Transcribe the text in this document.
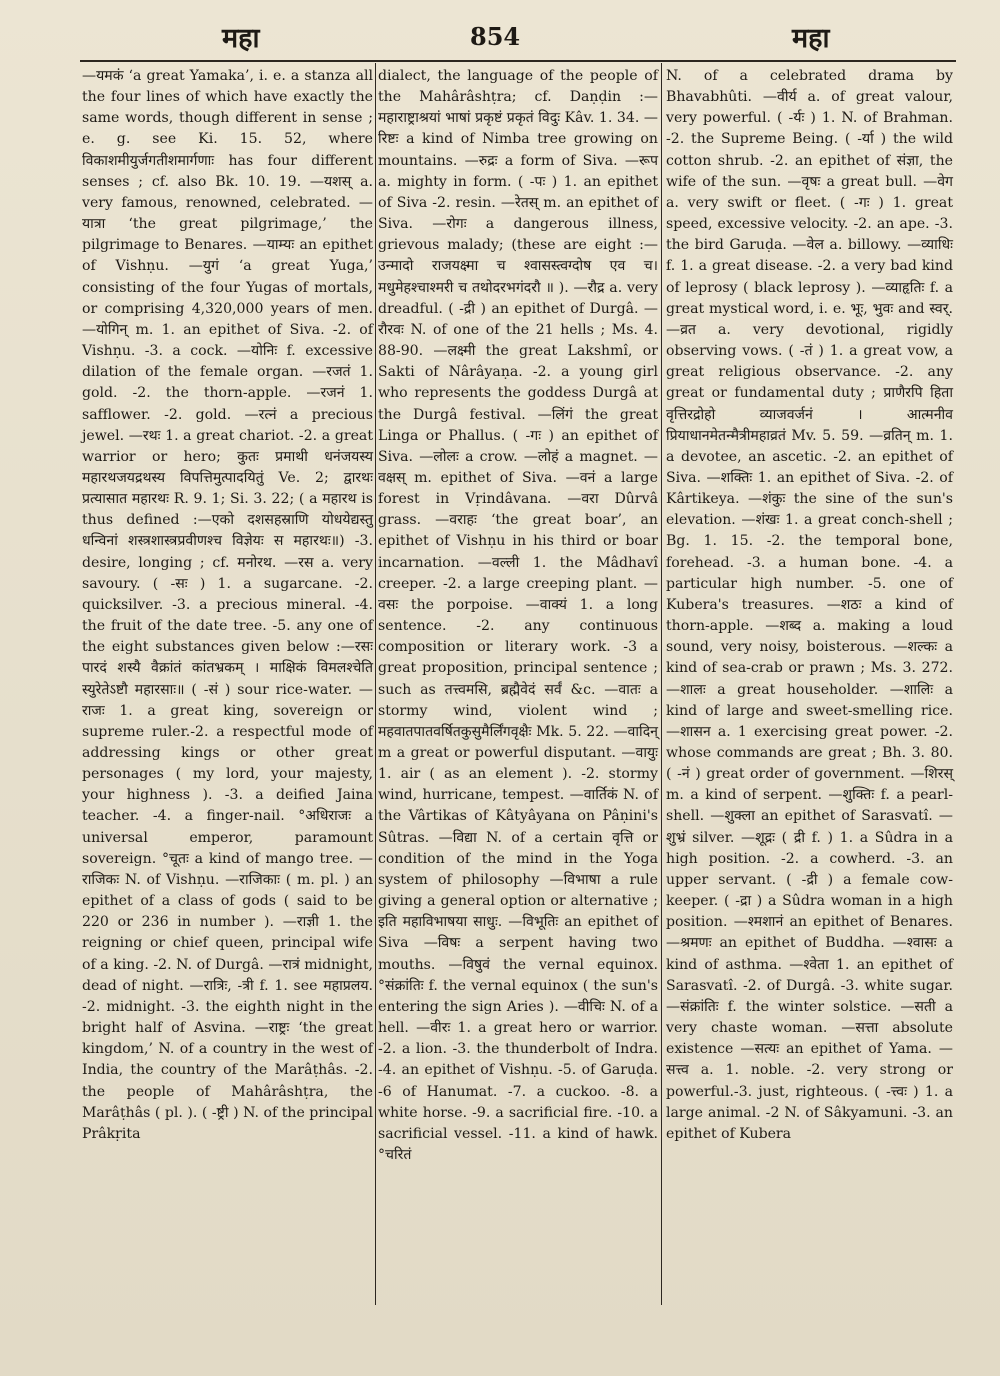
महा	854	महा
—यमकं ‘a great Yamaka’, i. e. a stanza all the four lines of which have exactly the same words, though different in sense ; e. g. see Ki. 15. 52, where विकाशमीयुर्जगतीशमार्गणाः has four different senses ; cf. also Bk. 10. 19. —यशस् a. very famous, renowned, celebrated. —यात्रा ‘the great pilgrimage,’ the pilgrimage to Benares. —याम्यः an epithet of Vishṇu. —युगं ‘a great Yuga,’ consisting of the four Yugas of mortals, or comprising 4,320,000 years of men. —योगिन् m. 1. an epithet of Siva. -2. of Vishṇu. -3. a cock. —योनिः f. excessive dilation of the female organ. —रजतं 1. gold. -2. the thorn-apple. —रजनं 1. safflower. -2. gold. —रत्नं a precious jewel. —रथः 1. a great chariot. -2. a great warrior or hero; कुतः प्रमाथी धनंजयस्य महारथजयद्रथस्य विपत्तिमुत्पादयितुं Ve. 2; द्वारथः प्रत्यासात महारथः R. 9. 1; Si. 3. 22; ( a महारथ is thus defined :—एको दशसहस्राणि योधयेद्यस्तु धन्विनां शस्त्रशास्त्रप्रवीणश्च विज्ञेयः स महारथः॥) -3. desire, longing ; cf. मनोरथ. —रस a. very savoury. ( -सः ) 1. a sugarcane. -2. quicksilver. -3. a precious mineral. -4. the fruit of the date tree. -5. any one of the eight substances given below :—रसः पारदं शस्यै वैक्रांतं कांतभ्रकम् । माक्षिकं विमलश्चेति स्युरेतेऽष्टौ महारसाः॥ ( -सं ) sour rice-water. —राजः 1. a great king, sovereign or supreme ruler.-2. a respectful mode of addressing kings or other great personages ( my lord, your majesty, your highness ). -3. a deified Jaina teacher. -4. a finger-nail. °अधिराजः a universal emperor, paramount sovereign. °चूतः a kind of mango tree. —राजिकः N. of Vishṇu. —राजिकाः ( m. pl. ) an epithet of a class of gods ( said to be 220 or 236 in number ). —राज्ञी 1. the reigning or chief queen, principal wife of a king. -2. N. of Durgâ. —रात्रं midnight, dead of night. —रात्रिः, -त्री f. 1. see महाप्रलय. -2. midnight. -3. the eighth night in the bright half of Asvina. —राष्ट्रः ‘the great kingdom,’ N. of a country in the west of India, the country of the Marâṭhâs. -2. the people of Mahârâshṭra, the Marâṭhâs ( pl. ). ( -ष्ट्री ) N. of the principal Prâkṛita
dialect, the language of the people of the Mahârâshṭra; cf. Daṇḍin :— महाराष्ट्राश्रयां भाषां प्रकृष्टं प्रकृतं विदुः Kâv. 1. 34. —रिष्टः a kind of Nimba tree growing on mountains. —रुद्रः a form of Siva. —रूप a. mighty in form. ( -पः ) 1. an epithet of Siva -2. resin. —रेतस् m. an epithet of Siva. —रोगः a dangerous illness, grievous malady; (these are eight :— उन्मादो राजयक्ष्मा च श्वासस्त्वग्दोष एव च। मधुमेहश्चाश्मरी च तथोदरभगंदरौ ॥ ). —रौद्र a. very dreadful. ( -द्री ) an epithet of Durgâ. —रौरवः N. of one of the 21 hells ; Ms. 4. 88-90. —लक्ष्मी the great Lakshmî, or Sakti of Nârâyaṇa. -2. a young girl who represents the goddess Durgâ at the Durgâ festival. —लिंगं the great Linga or Phallus. ( -गः ) an epithet of Siva. —लोलः a crow. —लोहं a magnet. —वक्षस् m. epithet of Siva. —वनं a large forest in Vṛindâvana. —वरा Dûrvâ grass. —वराहः ‘the great boar’, an epithet of Vishṇu in his third or boar incarnation. —वल्ली 1. the Mâdhavî creeper. -2. a large creeping plant. —वसः the porpoise. —वाक्यं 1. a long sentence. -2. any continuous composition or literary work. -3 a great proposition, principal sentence ; such as तत्त्वमसि, ब्रह्मैवेदं सर्वं &c. —वातः a stormy wind, violent wind ; महवातपातवर्षितकुसुमैर्लिंगवृक्षैः Mk. 5. 22. —वादिन् m a great or powerful disputant. —वायुः 1. air ( as an element ). -2. stormy wind, hurricane, tempest. —वार्तिकं N. of the Vârtikas of Kâtyâyana on Pâṇini's Sûtras. —विद्या N. of a certain वृत्ति or condition of the mind in the Yoga system of philosophy —विभाषा a rule giving a general option or alternative ; इति महाविभाषया साधुः. —विभूतिः an epithet of Siva —विषः a serpent having two mouths. —विषुवं the vernal equinox. °संक्रांतिः f. the vernal equinox ( the sun's entering the sign Aries ). —वीचिः N. of a hell. —वीरः 1. a great hero or warrior. -2. a lion. -3. the thunderbolt of Indra. -4. an epithet of Vishṇu. -5. of Garuḍa. -6 of Hanumat. -7. a cuckoo. -8. a white horse. -9. a sacrificial fire. -10. a sacrificial vessel. -11. a kind of hawk. °चरितं
N. of a celebrated drama by Bhavabhûti. —वीर्य a. of great valour, very powerful. ( -र्यः ) 1. N. of Brahman. -2. the Supreme Being. ( -र्या ) the wild cotton shrub. -2. an epithet of संज्ञा, the wife of the sun. —वृषः a great bull. —वेग a. very swift or fleet. ( -गः ) 1. great speed, excessive velocity. -2. an ape. -3. the bird Garuḍa. —वेल a. billowy. —व्याधिः f. 1. a great disease. -2. a very bad kind of leprosy ( black leprosy ). —व्याहृतिः f. a great mystical word, i. e. भूः, भुवः and स्वर्. —व्रत a. very devotional, rigidly observing vows. ( -तं ) 1. a great vow, a great religious observance. -2. any great or fundamental duty ; प्राणैरपि हिता वृत्तिरद्रोहो व्याजवर्जनं । आत्मनीव प्रियाधानमेतन्मैत्रीमहाव्रतं Mv. 5. 59. —व्रतिन् m. 1. a devotee, an ascetic. -2. an epithet of Siva. —शक्तिः 1. an epithet of Siva. -2. of Kârtikeya. —शंकुः the sine of the sun's elevation. —शंखः 1. a great conch-shell ; Bg. 1. 15. -2. the temporal bone, forehead. -3. a human bone. -4. a particular high number. -5. one of Kubera's treasures. —शठः a kind of thorn-apple. —शब्द a. making a loud sound, very noisy, boisterous. —शल्कः a kind of sea-crab or prawn ; Ms. 3. 272. —शालः a great householder. —शालिः a kind of large and sweet-smelling rice. —शासन a. 1 exercising great power. -2. whose commands are great ; Bh. 3. 80. ( -नं ) great order of government. —शिरस् m. a kind of serpent. —शुक्तिः f. a pearl-shell. —शुक्ला an epithet of Sarasvatî. —शुभ्रं silver. —शूद्रः ( द्री f. ) 1. a Sûdra in a high position. -2. a cowherd. -3. an upper servant. ( -द्री ) a female cow-keeper. ( -द्रा ) a Sûdra woman in a high position. —श्मशानं an epithet of Benares. —श्रमणः an epithet of Buddha. —श्वासः a kind of asthma. —श्वेता 1. an epithet of Sarasvatî. -2. of Durgâ. -3. white sugar. —संक्रांतिः f. the winter solstice. —सती a very chaste woman. —सत्ता absolute existence —सत्यः an epithet of Yama. —सत्त्व a. 1. noble. -2. very strong or powerful.-3. just, righteous. ( -त्त्वः ) 1. a large animal. -2 N. of Sâkyamuni. -3. an epithet of Kubera
